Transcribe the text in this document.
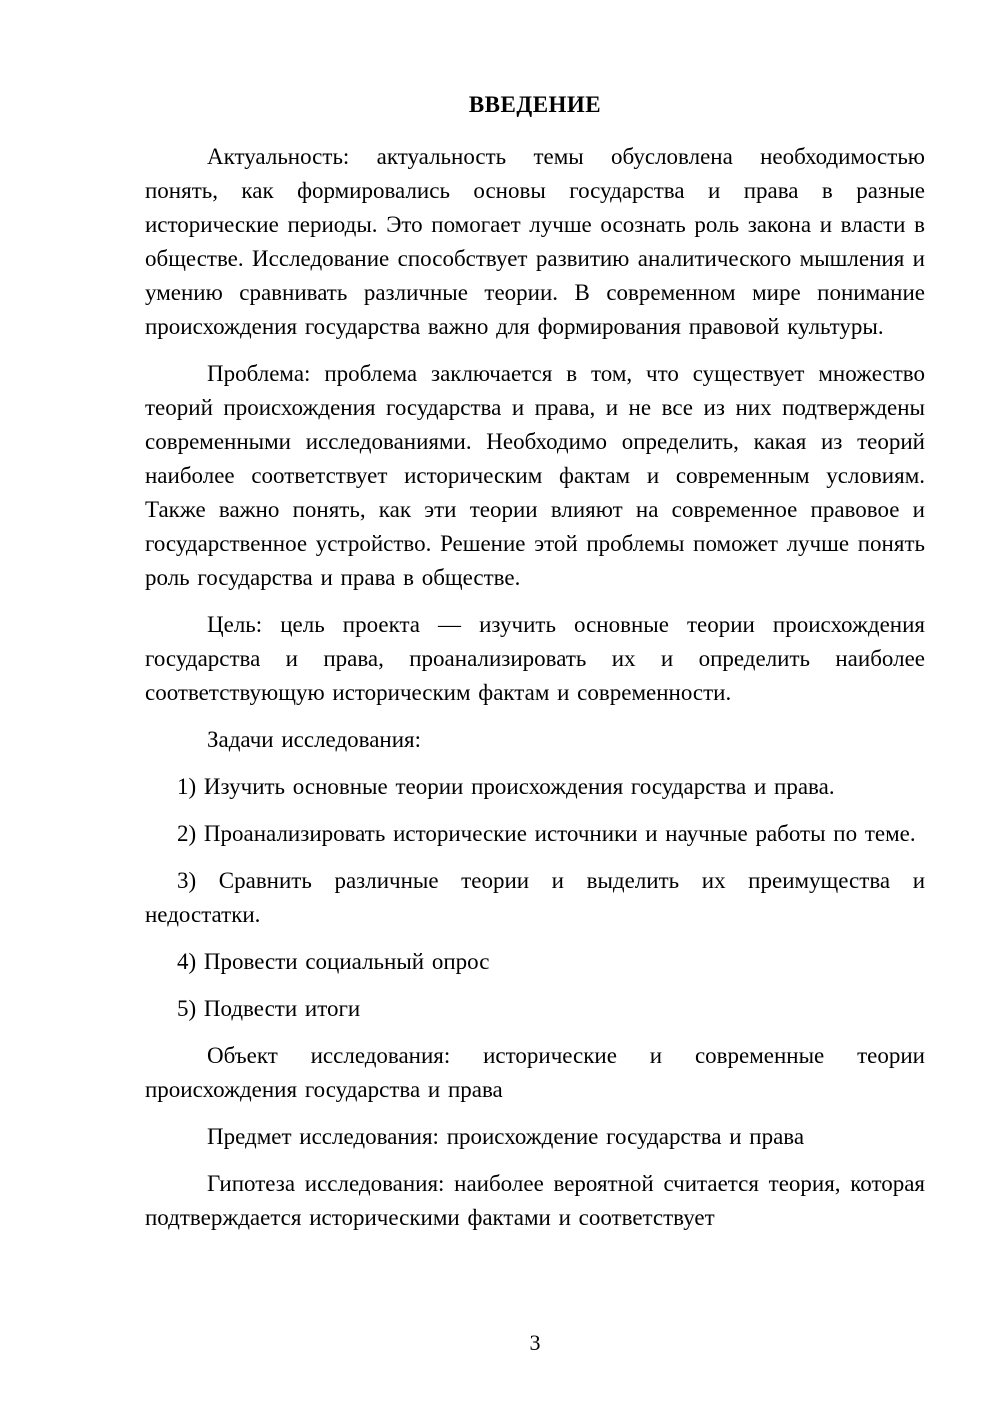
ВВЕДЕНИЕ

Актуальность: актуальность темы обусловлена необходимостью понять, как формировались основы государства и права в разные исторические периоды. Это помогает лучше осознать роль закона и власти в обществе. Исследование способствует развитию аналитического мышления и умению сравнивать различные теории. В современном мире понимание происхождения государства важно для формирования правовой культуры.

Проблема: проблема заключается в том, что существует множество теорий происхождения государства и права, и не все из них подтверждены современными исследованиями. Необходимо определить, какая из теорий наиболее соответствует историческим фактам и современным условиям. Также важно понять, как эти теории влияют на современное правовое и государственное устройство. Решение этой проблемы поможет лучше понять роль государства и права в обществе.

Цель: цель проекта — изучить основные теории происхождения государства и права, проанализировать их и определить наиболее соответствующую историческим фактам и современности.

Задачи исследования:

1) Изучить основные теории происхождения государства и права.

2) Проанализировать исторические источники и научные работы по теме.

3) Сравнить различные теории и выделить их преимущества и недостатки.

4) Провести социальный опрос

5) Подвести итоги

Объект исследования: исторические и современные теории происхождения государства и права

Предмет исследования: происхождение государства и права

Гипотеза исследования: наиболее вероятной считается теория, которая подтверждается историческими фактами и соответствует

3
